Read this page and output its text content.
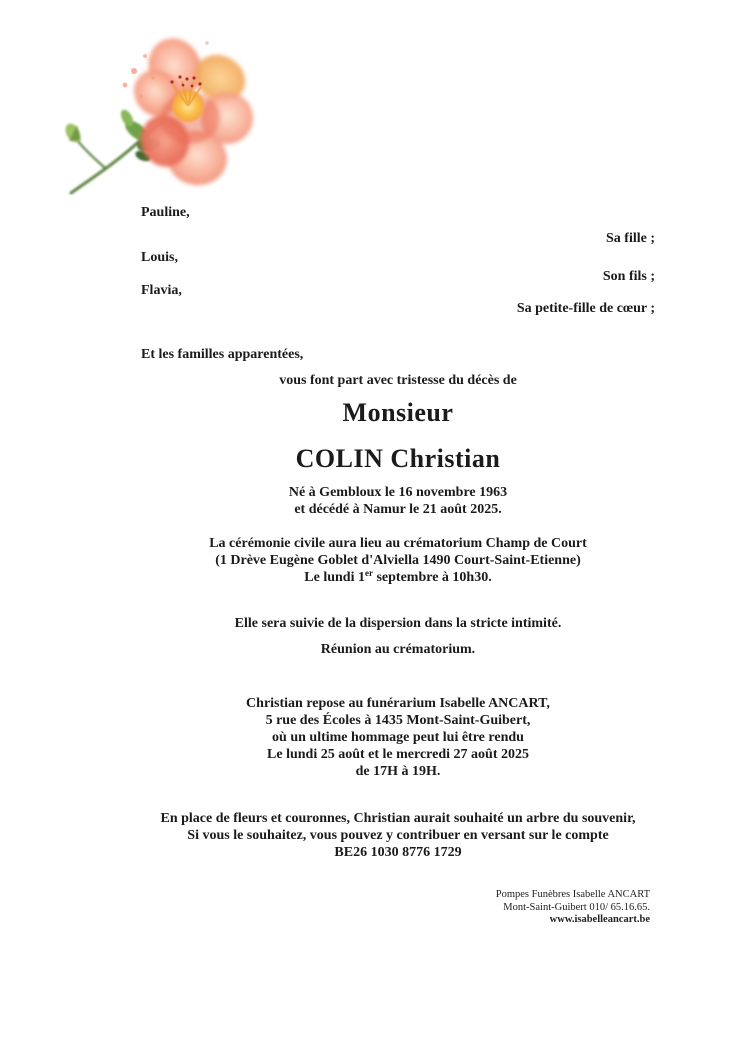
Pauline,
Sa fille ;
Louis,
Son fils ;
Flavia,
Sa petite-fille de cœur ;
Et les familles apparentées,
vous font part avec tristesse du décès de
Monsieur
COLIN Christian
Né à Gembloux le 16 novembre 1963
et décédé à Namur le 21 août 2025.
La cérémonie civile aura lieu au crématorium Champ de Court
(1 Drève Eugène Goblet d'Alviella 1490 Court-Saint-Etienne)
Le lundi 1er septembre à 10h30.
Elle sera suivie de la dispersion dans la stricte intimité.
Réunion au crématorium.
Christian repose au funérarium Isabelle ANCART,
5 rue des Écoles à 1435 Mont-Saint-Guibert,
où un ultime hommage peut lui être rendu
Le lundi 25 août et le mercredi 27 août 2025
de 17H à 19H.
En place de fleurs et couronnes, Christian aurait souhaité un arbre du souvenir,
Si vous le souhaitez, vous pouvez y contribuer en versant sur le compte
BE26 1030 8776 1729
Pompes Funèbres Isabelle ANCART
Mont-Saint-Guibert 010/ 65.16.65.
www.isabelleancart.be
